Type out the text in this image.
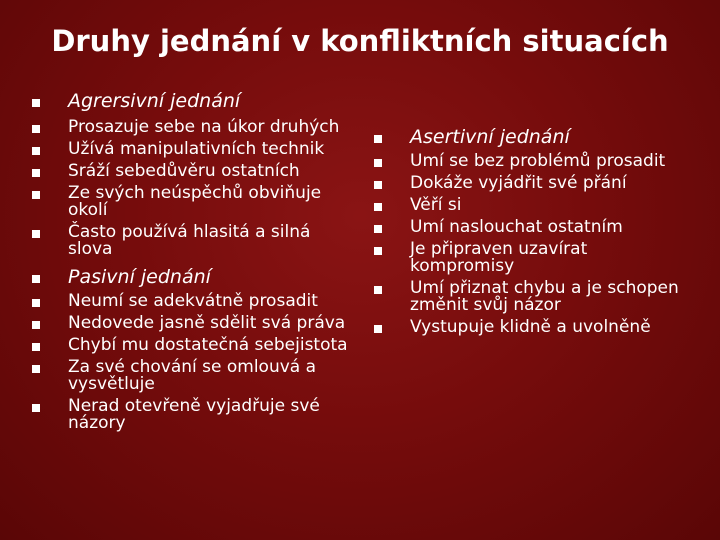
Druhy jednání v konfliktních situacích
Agrersivní jednání
Prosazuje sebe na úkor druhých
Užívá manipulativních technik
Sráží sebedůvěru ostatních
Ze svých neúspěchů obviňuje okolí
Často používá hlasitá a silná slova
Pasivní jednání
Neumí se adekvátně prosadit
Nedovede jasně sdělit svá práva
Chybí mu dostatečná sebejistota
Za své chování se omlouvá a vysvětluje
Nerad otevřeně vyjadřuje své názory
Asertivní jednání
Umí se bez problémů prosadit
Dokáže vyjádřit své přání
Věří si
Umí naslouchat ostatním
Je připraven uzavírat kompromisy
Umí přiznat chybu a je schopen změnit svůj názor
Vystupuje klidně a uvolněně
